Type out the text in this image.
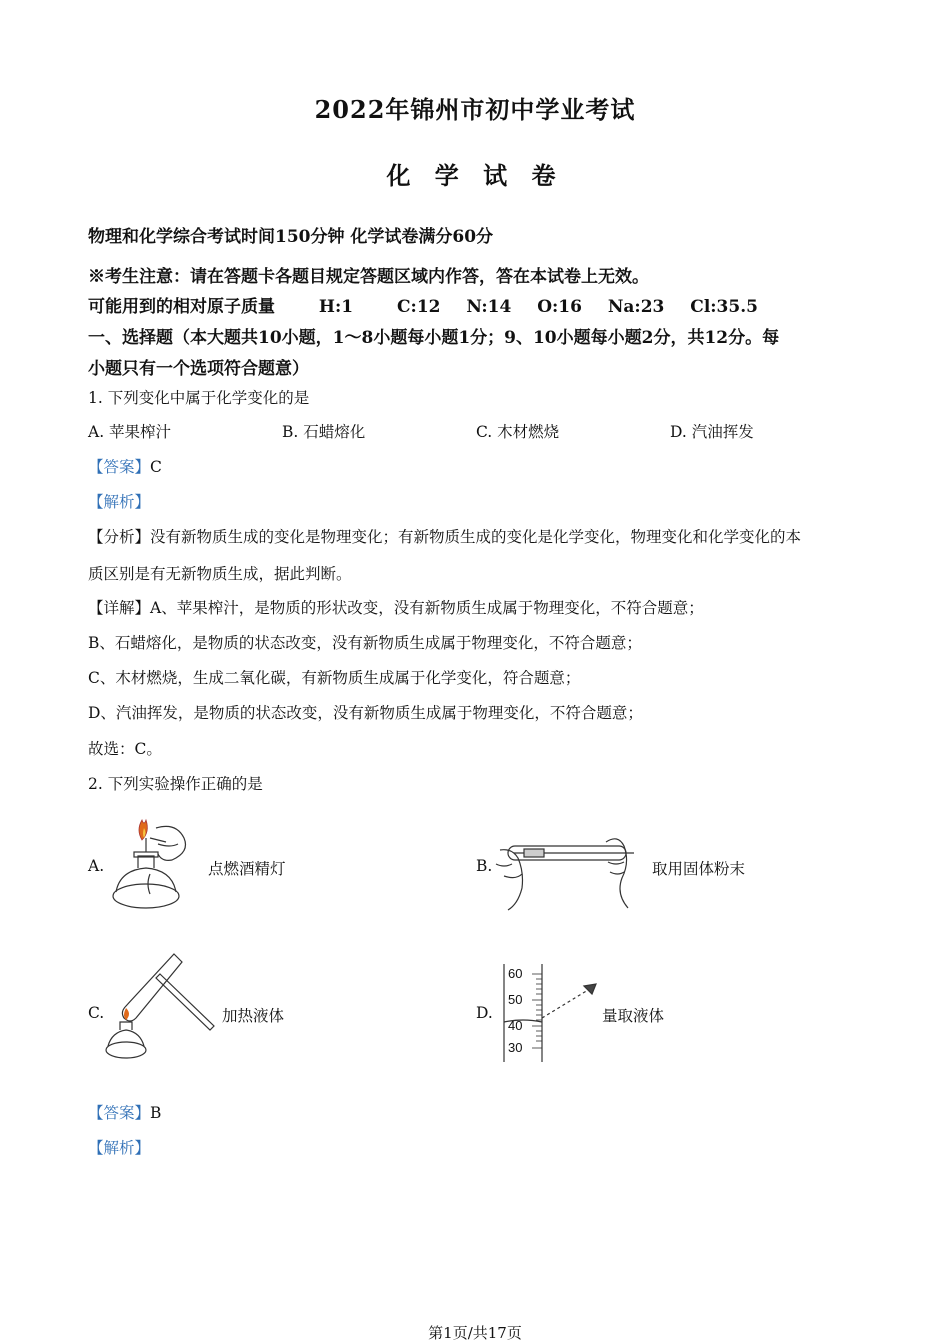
2022年锦州市初中学业考试
化 学 试 卷
物理和化学综合考试时间150分钟 化学试卷满分60分
※考生注意：请在答题卡各题目规定答题区域内作答，答在本试卷上无效。
可能用到的相对原子质量	H:1	C:12 N:14 O:16 Na:23 Cl:35.5
一、选择题（本大题共10小题，1～8小题每小题1分；9、10小题每小题2分，共12分。每
小题只有一个选项符合题意）
1. 下列变化中属于化学变化的是
A. 苹果榨汁	B. 石蜡熔化	C. 木材燃烧	D. 汽油挥发
【答案】C
【解析】
【分析】没有新物质生成的变化是物理变化；有新物质生成的变化是化学变化，物理变化和化学变化的本
质区别是有无新物质生成，据此判断。
【详解】A、苹果榨汁，是物质的形状改变，没有新物质生成属于物理变化，不符合题意；
B、石蜡熔化，是物质的状态改变，没有新物质生成属于物理变化，不符合题意；
C、木材燃烧，生成二氧化碳，有新物质生成属于化学变化，符合题意；
D、汽油挥发，是物质的状态改变，没有新物质生成属于物理变化，不符合题意；
故选：C。
2. 下列实验操作正确的是
A.	点燃酒精灯	B.	取用固体粉末
C.	加热液体	D.
60
50
40
30
量取液体
【答案】B
【解析】
第1页/共17页
